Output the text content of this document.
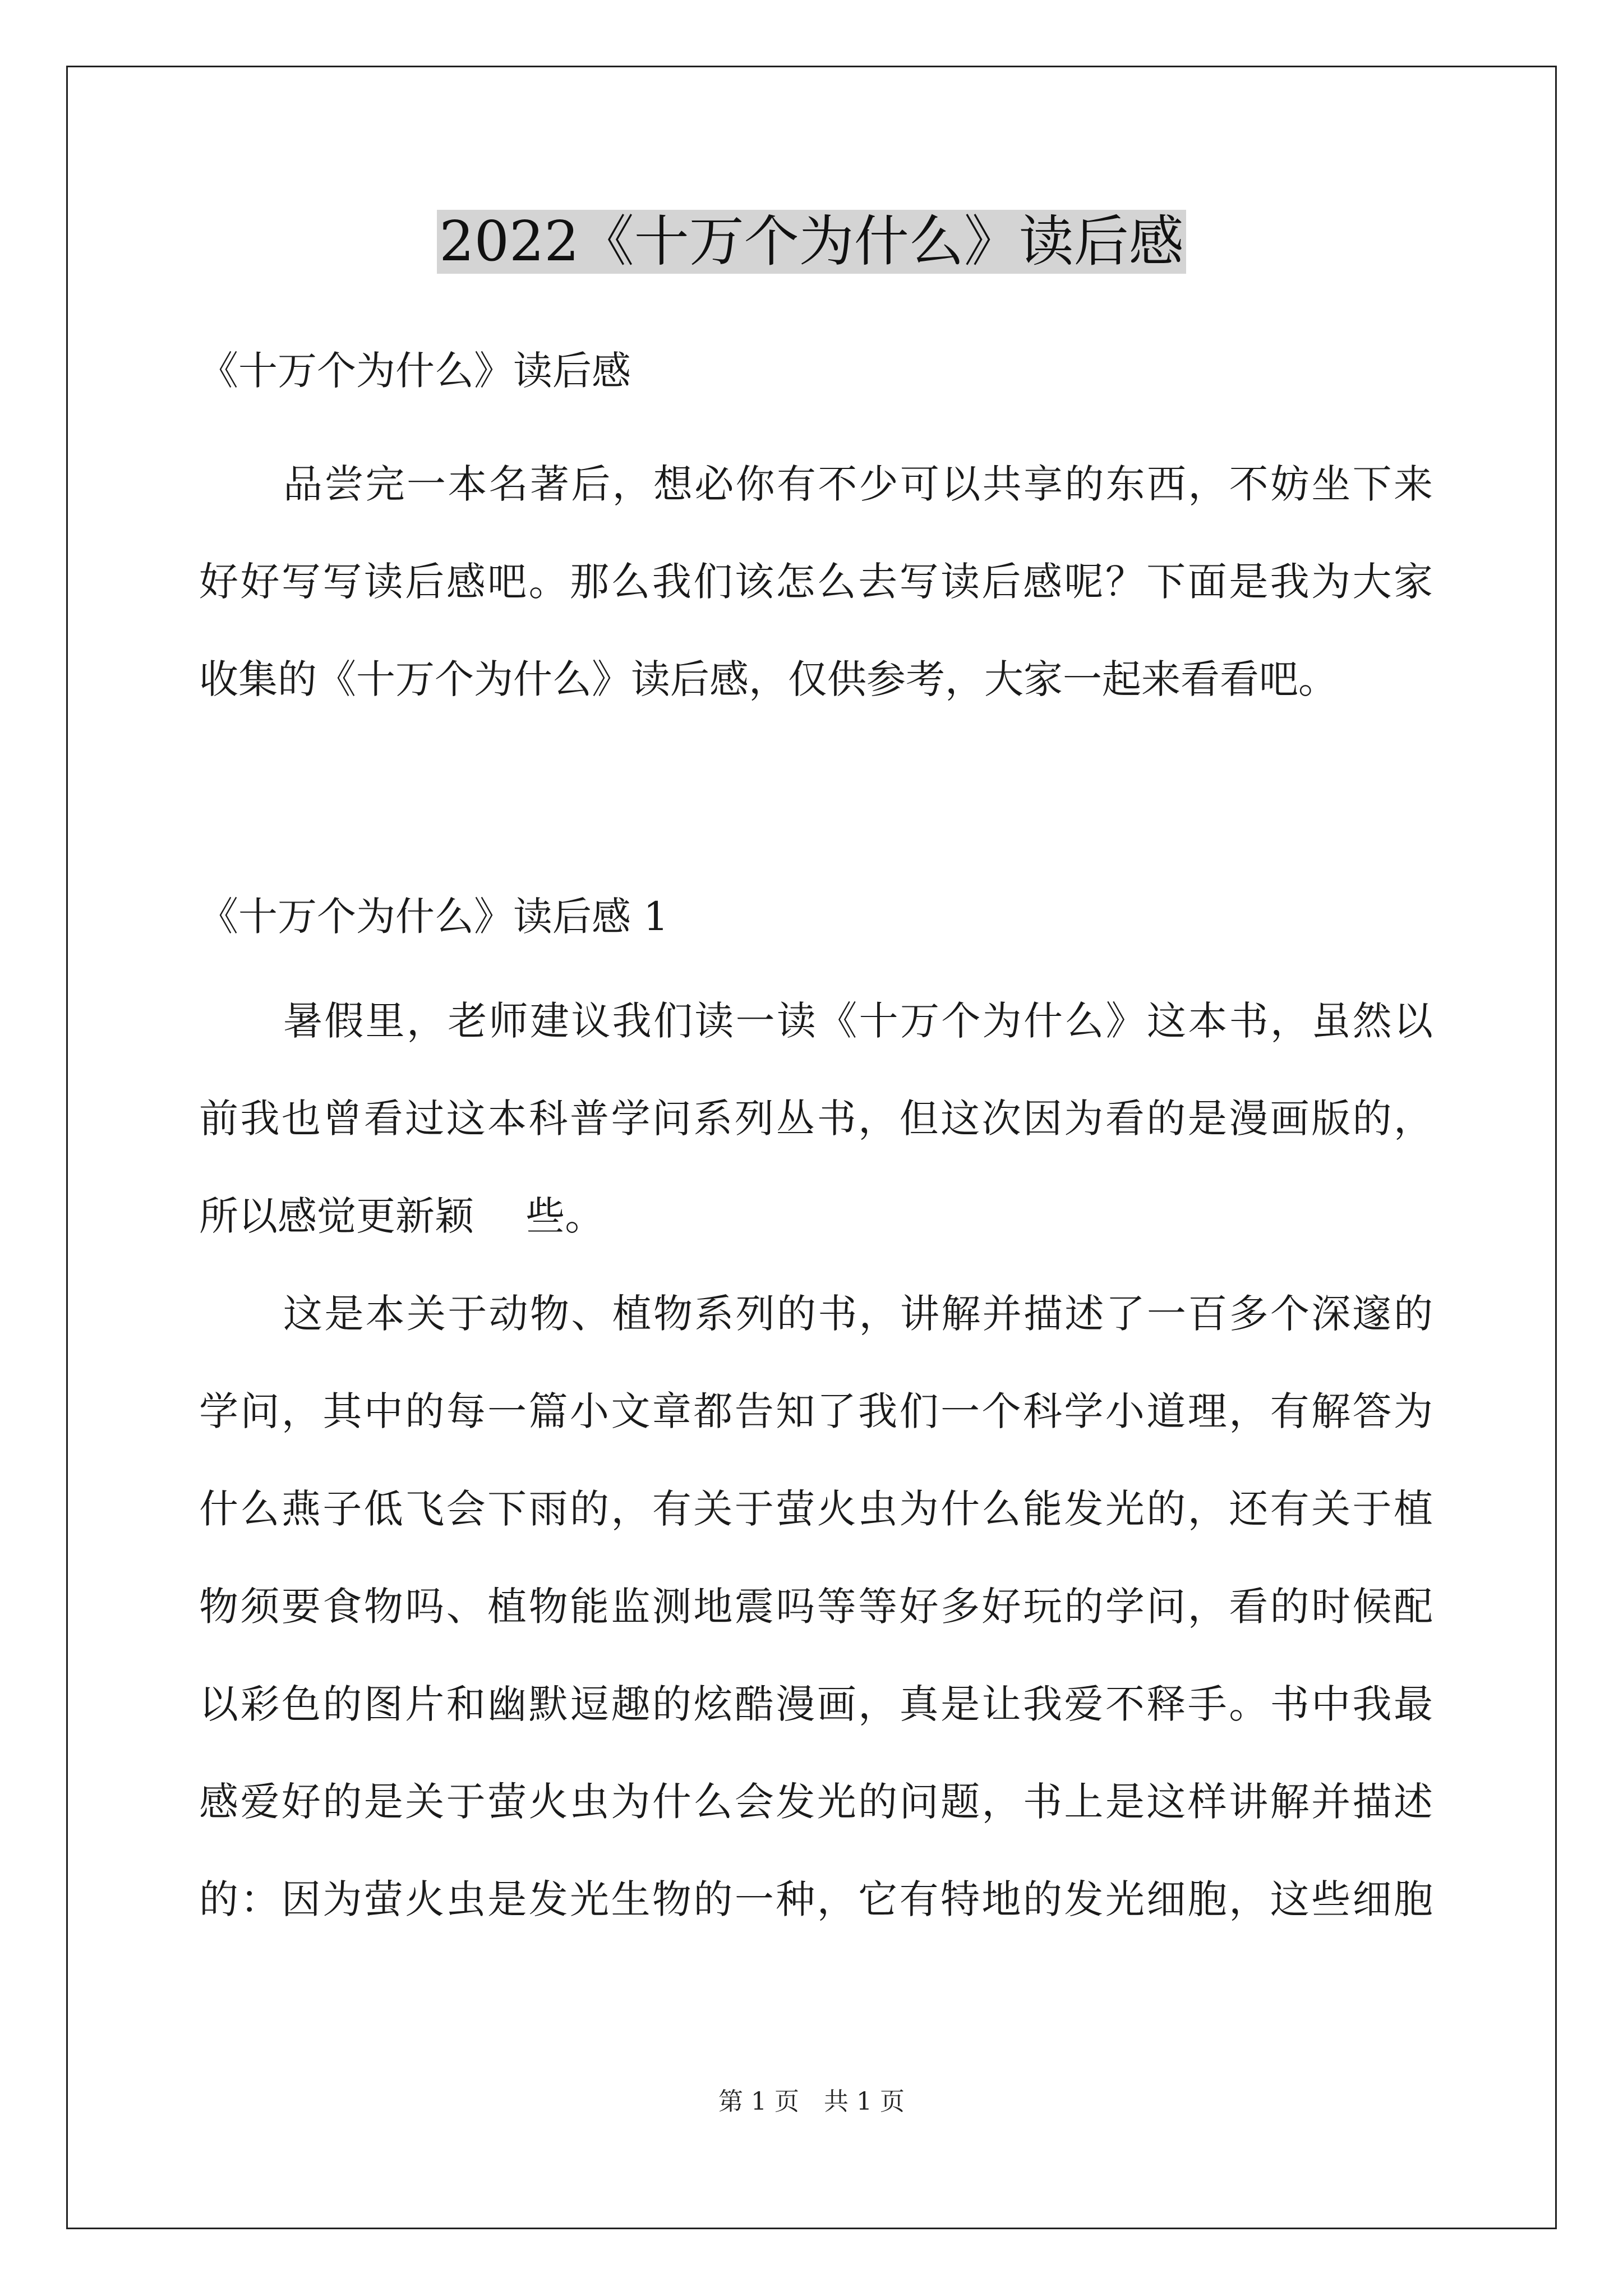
2022《十万个为什么》读后感
《十万个为什么》读后感
品尝完一本名著后，想必你有不少可以共享的东西，不妨坐下来
好好写写读后感吧。那么我们该怎么去写读后感呢？下面是我为大家
收集的《十万个为什么》读后感，仅供参考，大家一起来看看吧。
《十万个为什么》读后感 1
暑假里，老师建议我们读一读《十万个为什么》这本书，虽然以
前我也曾看过这本科普学问系列丛书，但这次因为看的是漫画版的，
所以感觉更新颖　 些。
这是本关于动物、植物系列的书，讲解并描述了一百多个深邃的
学问，其中的每一篇小文章都告知了我们一个科学小道理，有解答为
什么燕子低飞会下雨的，有关于萤火虫为什么能发光的，还有关于植
物须要食物吗、植物能监测地震吗等等好多好玩的学问，看的时候配
以彩色的图片和幽默逗趣的炫酷漫画，真是让我爱不释手。书中我最
感爱好的是关于萤火虫为什么会发光的问题，书上是这样讲解并描述
的：因为萤火虫是发光生物的一种，它有特地的发光细胞，这些细胞
第 1 页　共 1 页
